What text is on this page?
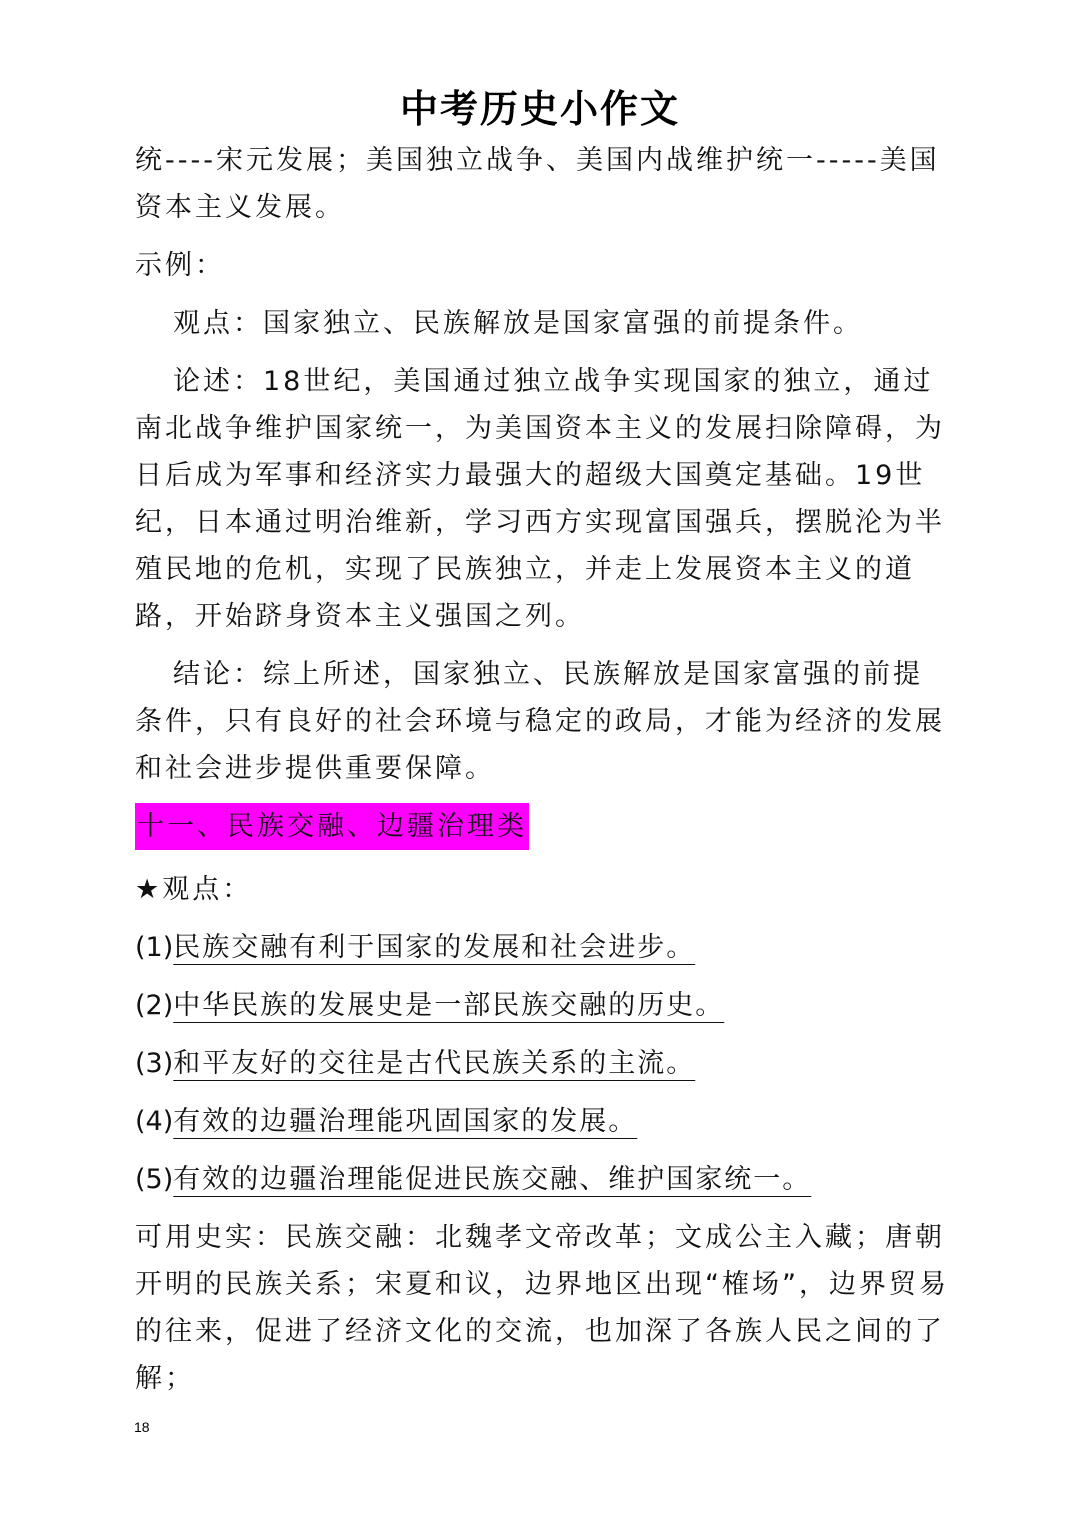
中考历史小作文

统----宋元发展；美国独立战争、美国内战维护统一-----美国资本主义发展。

示例：

观点：国家独立、民族解放是国家富强的前提条件。

论述：18世纪，美国通过独立战争实现国家的独立，通过南北战争维护国家统一，为美国资本主义的发展扫除障碍，为日后成为军事和经济实力最强大的超级大国奠定基础。19世纪，日本通过明治维新，学习西方实现富国强兵，摆脱沦为半殖民地的危机，实现了民族独立，并走上发展资本主义的道路，开始跻身资本主义强国之列。

结论：综上所述，国家独立、民族解放是国家富强的前提条件，只有良好的社会环境与稳定的政局，才能为经济的发展和社会进步提供重要保障。

十一、民族交融、边疆治理类

★观点：

(1)民族交融有利于国家的发展和社会进步。

(2)中华民族的发展史是一部民族交融的历史。

(3)和平友好的交往是古代民族关系的主流。

(4)有效的边疆治理能巩固国家的发展。

(5)有效的边疆治理能促进民族交融、维护国家统一。

可用史实：民族交融：北魏孝文帝改革；文成公主入藏；唐朝开明的民族关系；宋夏和议，边界地区出现“榷场”，边界贸易的往来，促进了经济文化的交流，也加深了各族人民之间的了解；

18
